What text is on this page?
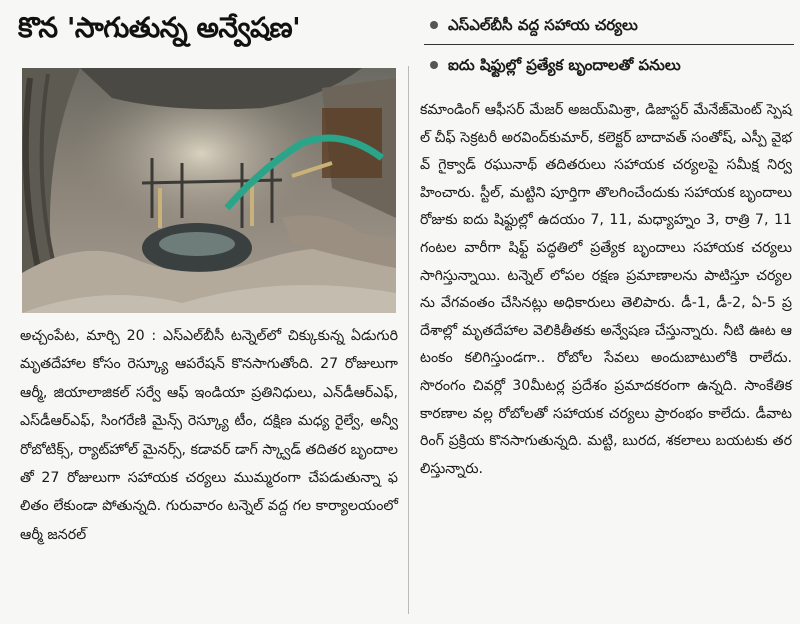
కొన 'సాగుతున్న అన్వేషణ'	ఎస్ఎల్‌బీసీ వద్ద సహాయ చర్యలు
ఐదు షిఫ్టుల్లో ప్రత్యేక బృందాలతో పనులు

అచ్చంపేట, మార్చి 20 : ఎస్ఎల్‌బీసీ టన్నెల్‌లో చిక్కుకున్న ఏడుగురి మృతదేహాల కోసం రెస్క్యూ ఆపరేషన్ కొనసాగుతోంది. 27 రోజులుగా ఆర్మీ, జియాలాజికల్ సర్వే ఆఫ్ ఇండియా ప్రతినిధులు, ఎన్‌డీఆర్ఎఫ్, ఎస్‌డీఆర్ఎఫ్, సింగరేణి మైన్స్ రెస్క్యూ టీం, దక్షిణ మధ్య రైల్వే, అన్వీ రోబోటిక్స్, ర్యాట్‌హోల్ మైనర్స్, కడావర్ డాగ్ స్క్వాడ్ తదితర బృందాలతో 27 రోజులుగా సహాయక చర్యలు ముమ్మరంగా చేపడుతున్నా ఫలితం లేకుండా పోతున్నది. గురువారం టన్నెల్ వద్ద గల కార్యాలయంలో ఆర్మీ జనరల్

కమాండింగ్ ఆఫీసర్ మేజర్ అజయ్‌మిశ్రా, డిజాస్టర్ మేనేజ్‌మెంట్ స్పెషల్ చీఫ్ సెక్రటరీ అరవింద్‌కుమార్, కలెక్టర్ బాదావత్ సంతోష్, ఎస్పీ వైభవ్ గైక్వాడ్ రఘునాథ్ తదితరులు సహాయక చర్యలపై సమీక్ష నిర్వహించారు. స్టీల్, మట్టిని పూర్తిగా తొలగించేందుకు సహాయక బృందాలు రోజుకు ఐదు షిఫ్టుల్లో ఉదయం 7, 11, మధ్యాహ్నం 3, రాత్రి 7, 11గంటల వారీగా షిఫ్ట్ పద్ధతిలో ప్రత్యేక బృందాలు సహాయక చర్యలు సాగిస్తున్నాయి. టన్నెల్ లోపల రక్షణ ప్రమాణాలను పాటిస్తూ చర్యలను వేగవంతం చేసినట్లు అధికారులు తెలిపారు. డీ-1, డీ-2, ఏ-5 ప్రదేశాల్లో మృతదేహాల వెలికితీతకు అన్వేషణ చేస్తున్నారు. నీటి ఊట ఆటంకం కలిగిస్తుండగా.. రోబోల సేవలు అందుబాటులోకి రాలేదు. సొరంగం చివర్లో 30మీటర్ల ప్రదేశం ప్రమాదకరంగా ఉన్నది. సాంకేతిక కారణాల వల్ల రోబోలతో సహాయక చర్యలు ప్రారంభం కాలేదు. డీవాటరింగ్ ప్రక్రియ కొనసాగుతున్నది. మట్టి, బురద, శకలాలు బయటకు తరలిస్తున్నారు.
